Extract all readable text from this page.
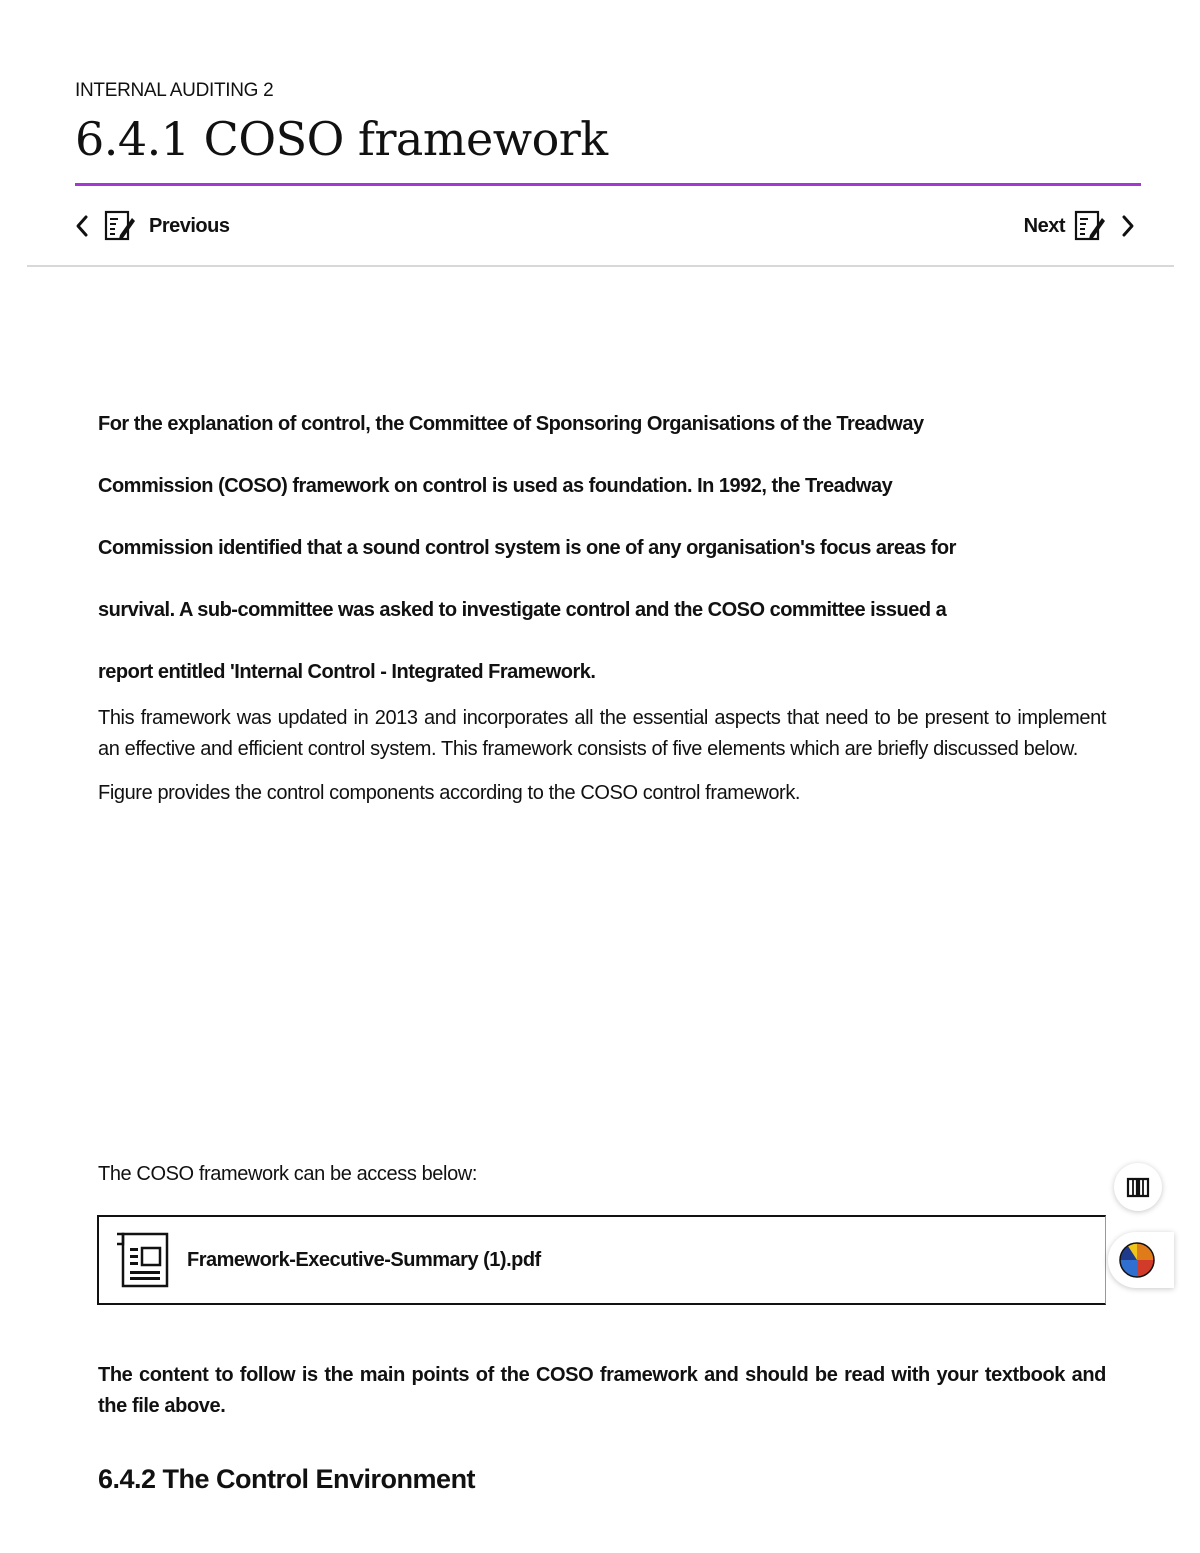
INTERNAL AUDITING 2
6.4.1 COSO framework
Previous	Next

For the explanation of control, the Committee of Sponsoring Organisations of the Treadway
Commission (COSO) framework on control is used as foundation. In 1992, the Treadway
Commission identified that a sound control system is one of any organisation's focus areas for
survival. A sub-committee was asked to investigate control and the COSO committee issued a
report entitled 'Internal Control - Integrated Framework.

This framework was updated in 2013 and incorporates all the essential aspects that need to be present to implement an effective and efficient control system. This framework consists of five elements which are briefly discussed below.

Figure provides the control components according to the COSO control framework.

The COSO framework can be access below:
Framework-Executive-Summary (1).pdf

The content to follow is the main points of the COSO framework and should be read with your textbook and the file above.

6.4.2 The Control Environment
